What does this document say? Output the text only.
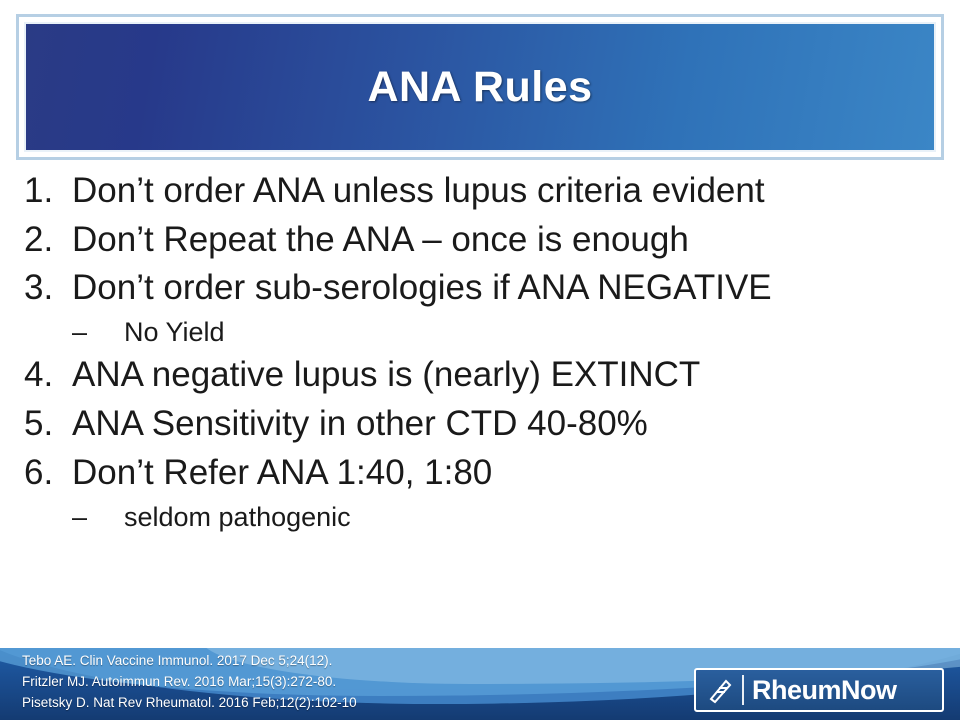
ANA Rules
1. Don’t order ANA unless lupus criteria evident
2. Don’t Repeat the ANA – once is enough
3. Don’t order sub-serologies if ANA NEGATIVE
–	No Yield
4. ANA negative lupus is (nearly) EXTINCT
5. ANA Sensitivity in other CTD 40-80%
6. Don’t Refer ANA 1:40, 1:80
–	seldom pathogenic
Tebo AE. Clin Vaccine Immunol. 2017 Dec 5;24(12).
Fritzler MJ. Autoimmun Rev. 2016 Mar;15(3):272-80.
Pisetsky D. Nat Rev Rheumatol. 2016 Feb;12(2):102-10	RheumNow
